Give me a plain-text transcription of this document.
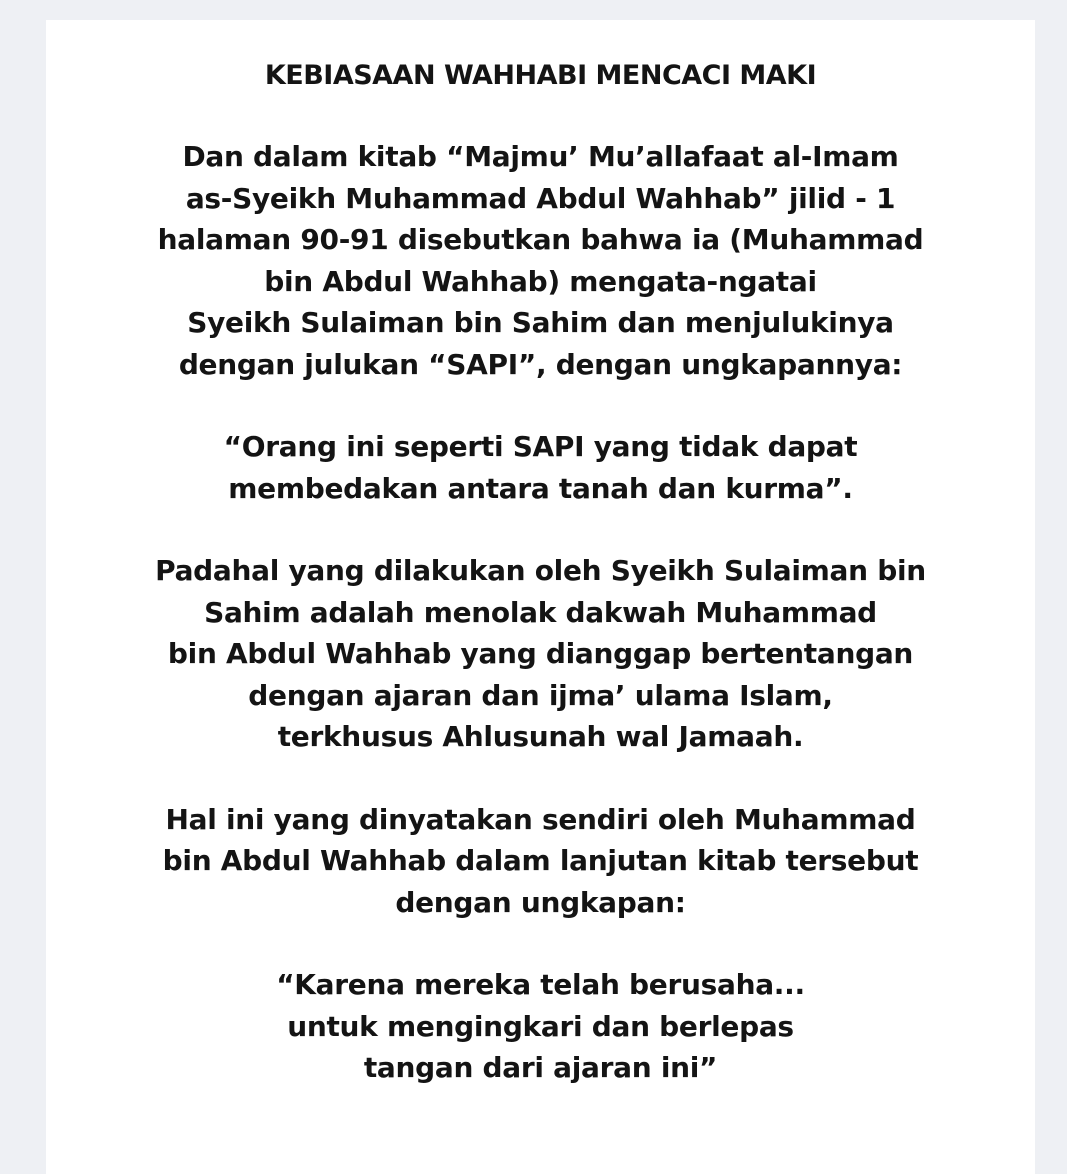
KEBIASAAN WAHHABI MENCACI MAKI
Dan dalam kitab “Majmu’ Mu’allafaat al-Imam
as-Syeikh Muhammad Abdul Wahhab” jilid - 1
halaman 90-91 disebutkan bahwa ia (Muhammad
bin Abdul Wahhab) mengata-ngatai
Syeikh Sulaiman bin Sahim dan menjulukinya
dengan julukan “SAPI”, dengan ungkapannya:
“Orang ini seperti SAPI yang tidak dapat
membedakan antara tanah dan kurma”.
Padahal yang dilakukan oleh Syeikh Sulaiman bin
Sahim adalah menolak dakwah Muhammad
bin Abdul Wahhab yang dianggap bertentangan
dengan ajaran dan ijma’ ulama Islam,
terkhusus Ahlusunah wal Jamaah.
Hal ini yang dinyatakan sendiri oleh Muhammad
bin Abdul Wahhab dalam lanjutan kitab tersebut
dengan ungkapan:
“Karena mereka telah berusaha...
untuk mengingkari dan berlepas
tangan dari ajaran ini”
